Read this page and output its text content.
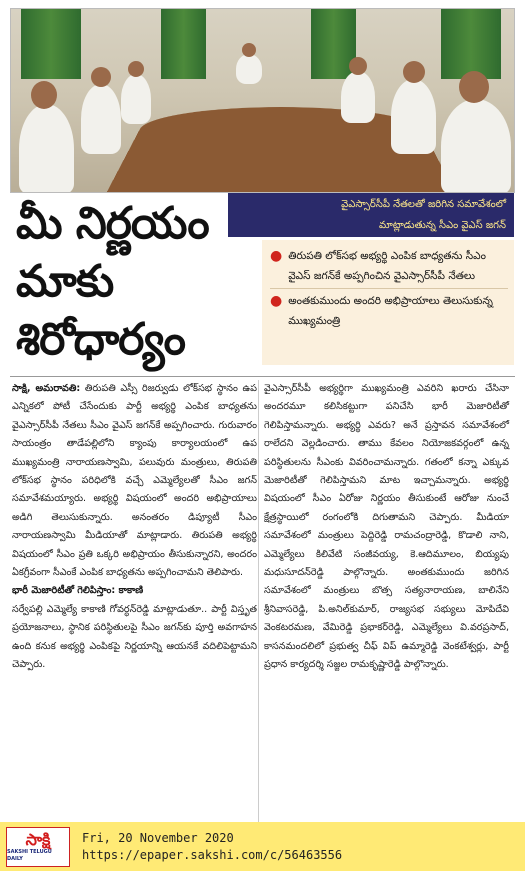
వైఎస్సార్‌సీపీ నేతలతో జరిగిన సమావేశంలో
మాట్లాడుతున్న సీఎం వైఎస్‌ జగన్‌
మీ నిర్ణయం
మాకు
శిరోధార్యం
● తిరుపతి లోక్‌సభ అభ్యర్థి ఎంపిక బాధ్యతను సీఎం వైఎస్‌ జగన్‌కే అప్పగించిన వైఎస్సార్‌సీపీ నేతలు
● అంతకుముందు అందరి అభిప్రాయాలు తెలుసుకున్న ముఖ్యమంత్రి

సాక్షి, అమరావతి: తిరుపతి ఎస్సీ రిజర్వుడు లోక్‌సభ స్థానం ఉప ఎన్నికలో పోటీ చేసేందుకు పార్టీ అభ్యర్థి ఎంపిక బాధ్యతను వైఎస్సార్‌సీపీ నేతలు సీఎం వైఎస్‌ జగన్‌కే అప్పగించారు. గురువారం సాయంత్రం తాడేపల్లిలోని క్యాంపు కార్యాలయంలో ఉప ముఖ్యమంత్రి నారాయణస్వామి, పలువురు మంత్రులు, తిరుపతి లోక్‌సభ స్థానం పరిధిలోకి వచ్చే ఎమ్మెల్యేలతో సీఎం జగన్‌ సమావేశమయ్యారు. అభ్యర్థి విషయంలో అందరి అభిప్రాయాలు అడిగి తెలుసుకున్నారు. అనంతరం డిప్యూటీ సీఎం నారాయణస్వామి మీడియాతో మాట్లాడారు. తిరుపతి అభ్యర్థి విషయంలో సీఎం ప్రతి ఒక్కరి అభిప్రాయం తీసుకున్నారని, అందరం ఏకగ్రీవంగా సీఎంకే ఎంపిక బాధ్యతను అప్పగించామని తెలిపారు.

భారీ మెజారిటీతో గెలిపిస్తాం: కాకాణి

సర్వేపల్లి ఎమ్మెల్యే కాకాణి గోవర్ధన్‌రెడ్డి మాట్లాడుతూ.. పార్టీ విస్తృత ప్రయోజనాలు, స్థానిక పరిస్థితులపై సీఎం జగన్‌కు పూర్తి అవగాహన ఉంది కనుక అభ్యర్థి ఎంపికపై నిర్ణయాన్ని ఆయనకే వదిలిపెట్టామని చెప్పారు.

వైఎస్సార్‌సీపీ అభ్యర్థిగా ముఖ్యమంత్రి ఎవరిని ఖరారు చేసినా అందరమూ కలిసికట్టుగా పనిచేసి భారీ మెజారిటీతో గెలిపిస్తామన్నారు. అభ్యర్థి ఎవరు? అనే ప్రస్తావన సమావేశంలో రాలేదని వెల్లడించారు. తాము కేవలం నియోజకవర్గంలో ఉన్న పరిస్థితులను సీఎంకు వివరించామన్నారు. గతంలో కన్నా ఎక్కువ మెజారిటీతో గెలిపిస్తామని మాట ఇచ్చామన్నారు. అభ్యర్థి విషయంలో సీఎం ఏరోజు నిర్ణయం తీసుకుంటే ఆరోజు నుంచే క్షేత్రస్థాయిలో రంగంలోకి దిగుతామని చెప్పారు. మీడియా సమావేశంలో మంత్రులు పెద్దిరెడ్డి రామచంద్రారెడ్డి, కొడాలి నాని, ఎమ్మెల్యేలు కిలివేటి సంజీవయ్య, కె.ఆదిమూలం, బియ్యపు మధుసూదన్‌రెడ్డి పాల్గొన్నారు. అంతకుముందు జరిగిన సమావేశంలో మంత్రులు బొత్స సత్యనారాయణ, బాలినేని శ్రీనివాసరెడ్డి, పి.అనిల్‌కుమార్, రాజ్యసభ సభ్యులు మోపిదేవి వెంకటరమణ, వేమిరెడ్డి ప్రభాకర్‌రెడ్డి, ఎమ్మెల్యేలు వి.వరప్రసాద్, కాసనమందలిలో ప్రభుత్వ చీఫ్‌ విప్‌ ఉమ్మారెడ్డి వెంకటేశ్వర్లు, పార్టీ ప్రధాన కార్యదర్శి సజ్జల రామకృష్ణారెడ్డి పాల్గొన్నారు.

సాక్షి
SAKSHI TELUGU DAILY
Fri, 20 November 2020
https://epaper.sakshi.com/c/56463556
